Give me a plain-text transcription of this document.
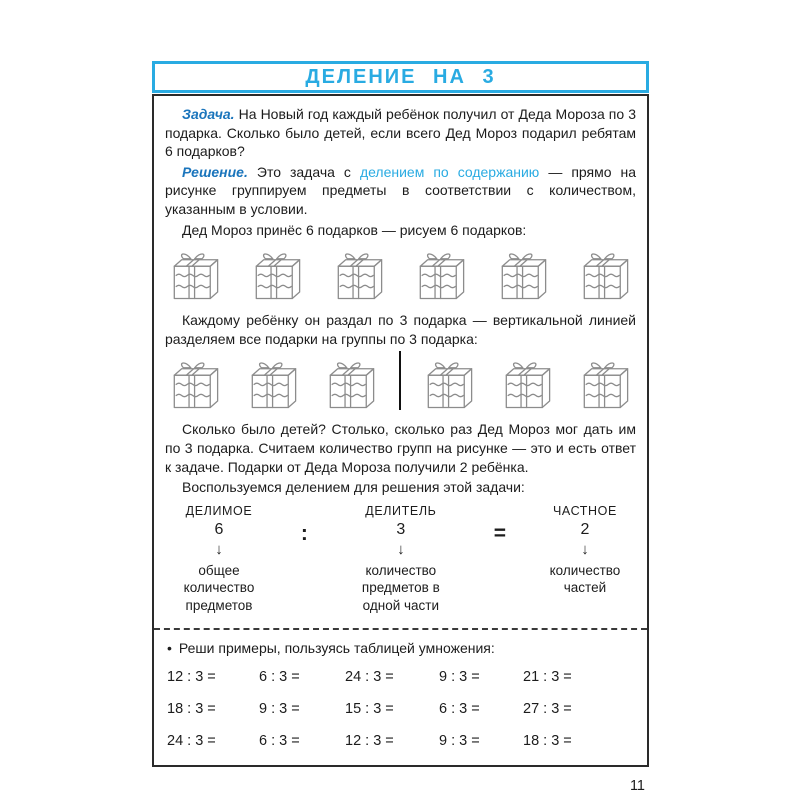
ДЕЛЕНИЕ НА 3

Задача. На Новый год каждый ребёнок получил от Деда Мороза по 3 подарка. Сколько было детей, если всего Дед Мороз подарил ребятам 6 подарков?

Решение. Это задача с делением по содержанию — прямо на рисунке группируем предметы в соответствии с количеством, указанным в условии.

Дед Мороз принёс 6 подарков — рисуем 6 подарков:

Каждому ребёнку он раздал по 3 подарка — вертикальной линией разделяем все подарки на группы по 3 подарка:

Сколько было детей? Столько, сколько раз Дед Мороз мог дать им по 3 подарка. Считаем количество групп на рисунке — это и есть ответ к задаче. Подарки от Деда Мороза получили 2 ребёнка.

Воспользуемся делением для решения этой задачи:

ДЕЛИМОЕ
6
↓
общее количество предметов
:
ДЕЛИТЕЛЬ
3
↓
количество предметов в одной части
=
ЧАСТНОЕ
2
↓
количество частей
• Реши примеры, пользуясь таблицей умножения:
12 : 3 =	6 : 3 =	24 : 3 =	9 : 3 =	21 : 3 =
18 : 3 =	9 : 3 =	15 : 3 =	6 : 3 =	27 : 3 =
24 : 3 =	6 : 3 =	12 : 3 =	9 : 3 =	18 : 3 =
11
